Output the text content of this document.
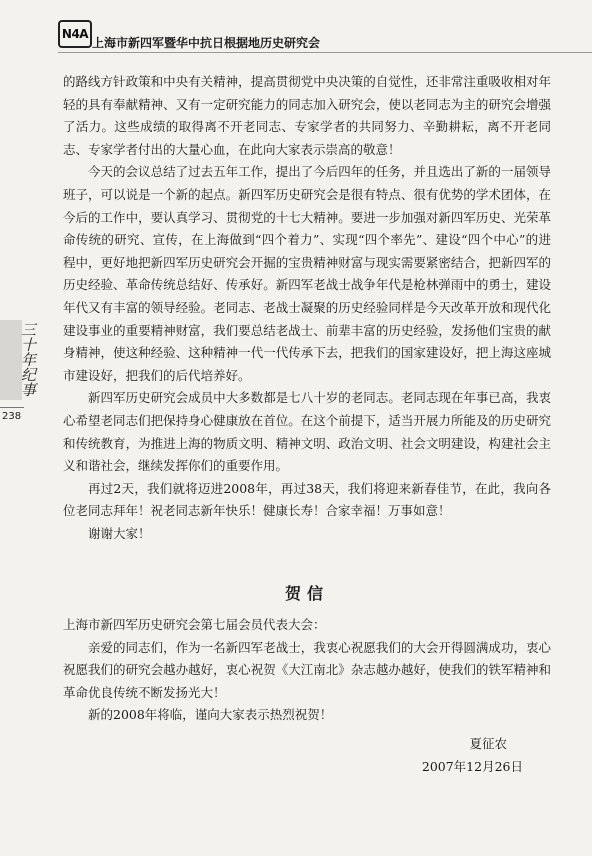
N4A
上海市新四军暨华中抗日根据地历史研究会
三十年纪事
238

的路线方针政策和中央有关精神，提高贯彻党中央决策的自觉性，还非常注重吸收相对年轻的具有奉献精神、又有一定研究能力的同志加入研究会，使以老同志为主的研究会增强了活力。这些成绩的取得离不开老同志、专家学者的共同努力、辛勤耕耘，离不开老同志、专家学者付出的大量心血，在此向大家表示崇高的敬意！

今天的会议总结了过去五年工作，提出了今后四年的任务，并且选出了新的一届领导班子，可以说是一个新的起点。新四军历史研究会是很有特点、很有优势的学术团体，在今后的工作中，要认真学习、贯彻党的十七大精神。要进一步加强对新四军历史、光荣革命传统的研究、宣传，在上海做到“四个着力”、实现“四个率先”、建设“四个中心”的进程中，更好地把新四军历史研究会开掘的宝贵精神财富与现实需要紧密结合，把新四军的历史经验、革命传统总结好、传承好。新四军老战士战争年代是枪林弹雨中的勇士，建设年代又有丰富的领导经验。老同志、老战士凝聚的历史经验同样是今天改革开放和现代化建设事业的重要精神财富，我们要总结老战士、前辈丰富的历史经验，发扬他们宝贵的献身精神，使这种经验、这种精神一代一代传承下去，把我们的国家建设好，把上海这座城市建设好，把我们的后代培养好。

新四军历史研究会成员中大多数都是七八十岁的老同志。老同志现在年事已高，我衷心希望老同志们把保持身心健康放在首位。在这个前提下，适当开展力所能及的历史研究和传统教育，为推进上海的物质文明、精神文明、政治文明、社会文明建设，构建社会主义和谐社会，继续发挥你们的重要作用。

再过2天，我们就将迈进2008年，再过38天，我们将迎来新春佳节，在此，我向各位老同志拜年！祝老同志新年快乐！健康长寿！合家幸福！万事如意！

谢谢大家！

贺信

上海市新四军历史研究会第七届会员代表大会：

亲爱的同志们，作为一名新四军老战士，我衷心祝愿我们的大会开得圆满成功，衷心祝愿我们的研究会越办越好，衷心祝贺《大江南北》杂志越办越好，使我们的铁军精神和革命优良传统不断发扬光大！

新的2008年将临，谨向大家表示热烈祝贺！

夏征农

2007年12月26日
